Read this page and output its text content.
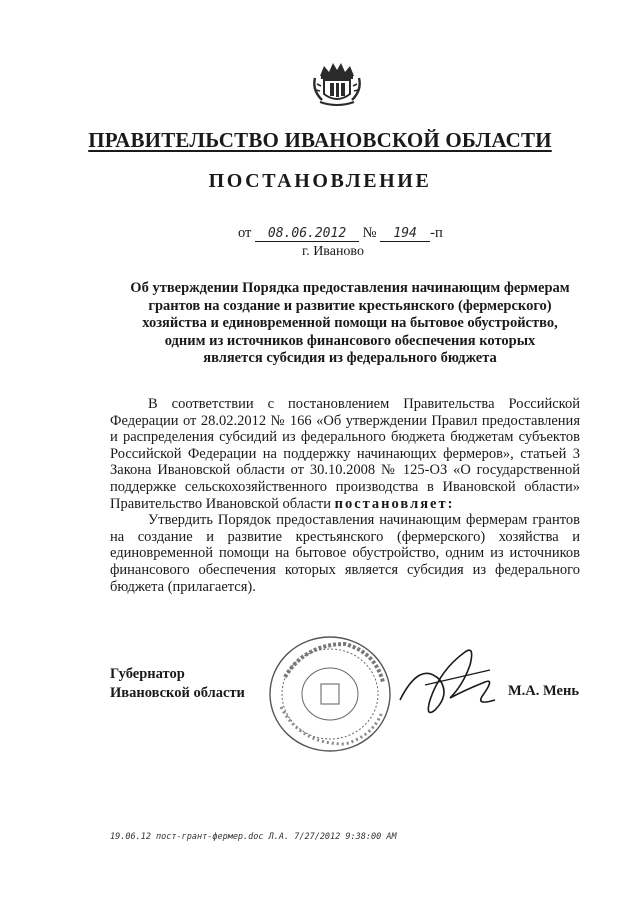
ПРАВИТЕЛЬСТВО ИВАНОВСКОЙ ОБЛАСТИ
ПОСТАНОВЛЕНИЕ
от 08.06.2012 № 194 -п
г. Иваново
Об утверждении Порядка предоставления начинающим фермерам
грантов на создание и развитие крестьянского (фермерского)
хозяйства и единовременной помощи на бытовое обустройство,
одним из источников финансового обеспечения которых
является субсидия из федерального бюджета

В соответствии с постановлением Правительства Российской Федерации от 28.02.2012 № 166 «Об утверждении Правил предоставления и распределения субсидий из федерального бюджета бюджетам субъектов Российской Федерации на поддержку начинающих фермеров», статьей 3 Закона Ивановской области от 30.10.2008 № 125-ОЗ «О государственной поддержке сельскохозяйственного производства в Ивановской области» Правительство Ивановской области постановляет:

Утвердить Порядок предоставления начинающим фермерам грантов на создание и развитие крестьянского (фермерского) хозяйства и единовременной помощи на бытовое обустройство, одним из источников финансового обеспечения которых является субсидия из федерального бюджета (прилагается).

Губернатор
Ивановской области	М.А. Мень
19.06.12 пост-грант-фермер.doc Л.А. 7/27/2012 9:38:00 AM
